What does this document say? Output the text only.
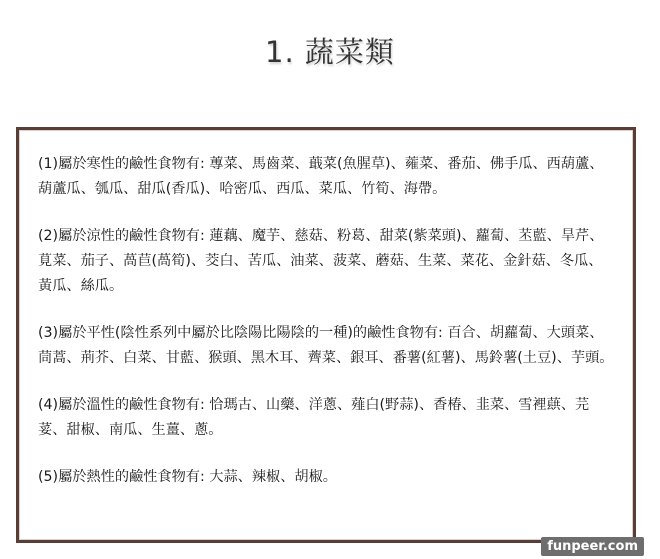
1. 蔬菜類

(1)屬於寒性的鹼性食物有: 蓴菜、馬齒菜、蕺菜(魚腥草)、蕹菜、番茄、佛手瓜、西葫蘆、葫蘆瓜、瓠瓜、甜瓜(香瓜)、哈密瓜、西瓜、菜瓜、竹筍、海帶。

(2)屬於涼性的鹼性食物有: 蓮藕、魔芋、慈菇、粉葛、甜菜(紫菜頭)、蘿蔔、苤藍、旱芹、莧菜、茄子、萵苣(萵筍)、茭白、苦瓜、油菜、菠菜、蘑菇、生菜、菜花、金針菇、冬瓜、黃瓜、絲瓜。

(3)屬於平性(陰性系列中屬於比陰陽比陽陰的一種)的鹼性食物有: 百合、胡蘿蔔、大頭菜、茼蒿、荊芥、白菜、甘藍、猴頭、黑木耳、薺菜、銀耳、番薯(紅薯)、馬鈴薯(土豆)、芋頭。

(4)屬於溫性的鹼性食物有: 恰瑪古、山藥、洋蔥、薤白(野蒜)、香椿、韭菜、雪裡蕻、芫荽、甜椒、南瓜、生薑、蔥。

(5)屬於熱性的鹼性食物有: 大蒜、辣椒、胡椒。

funpeer.com
